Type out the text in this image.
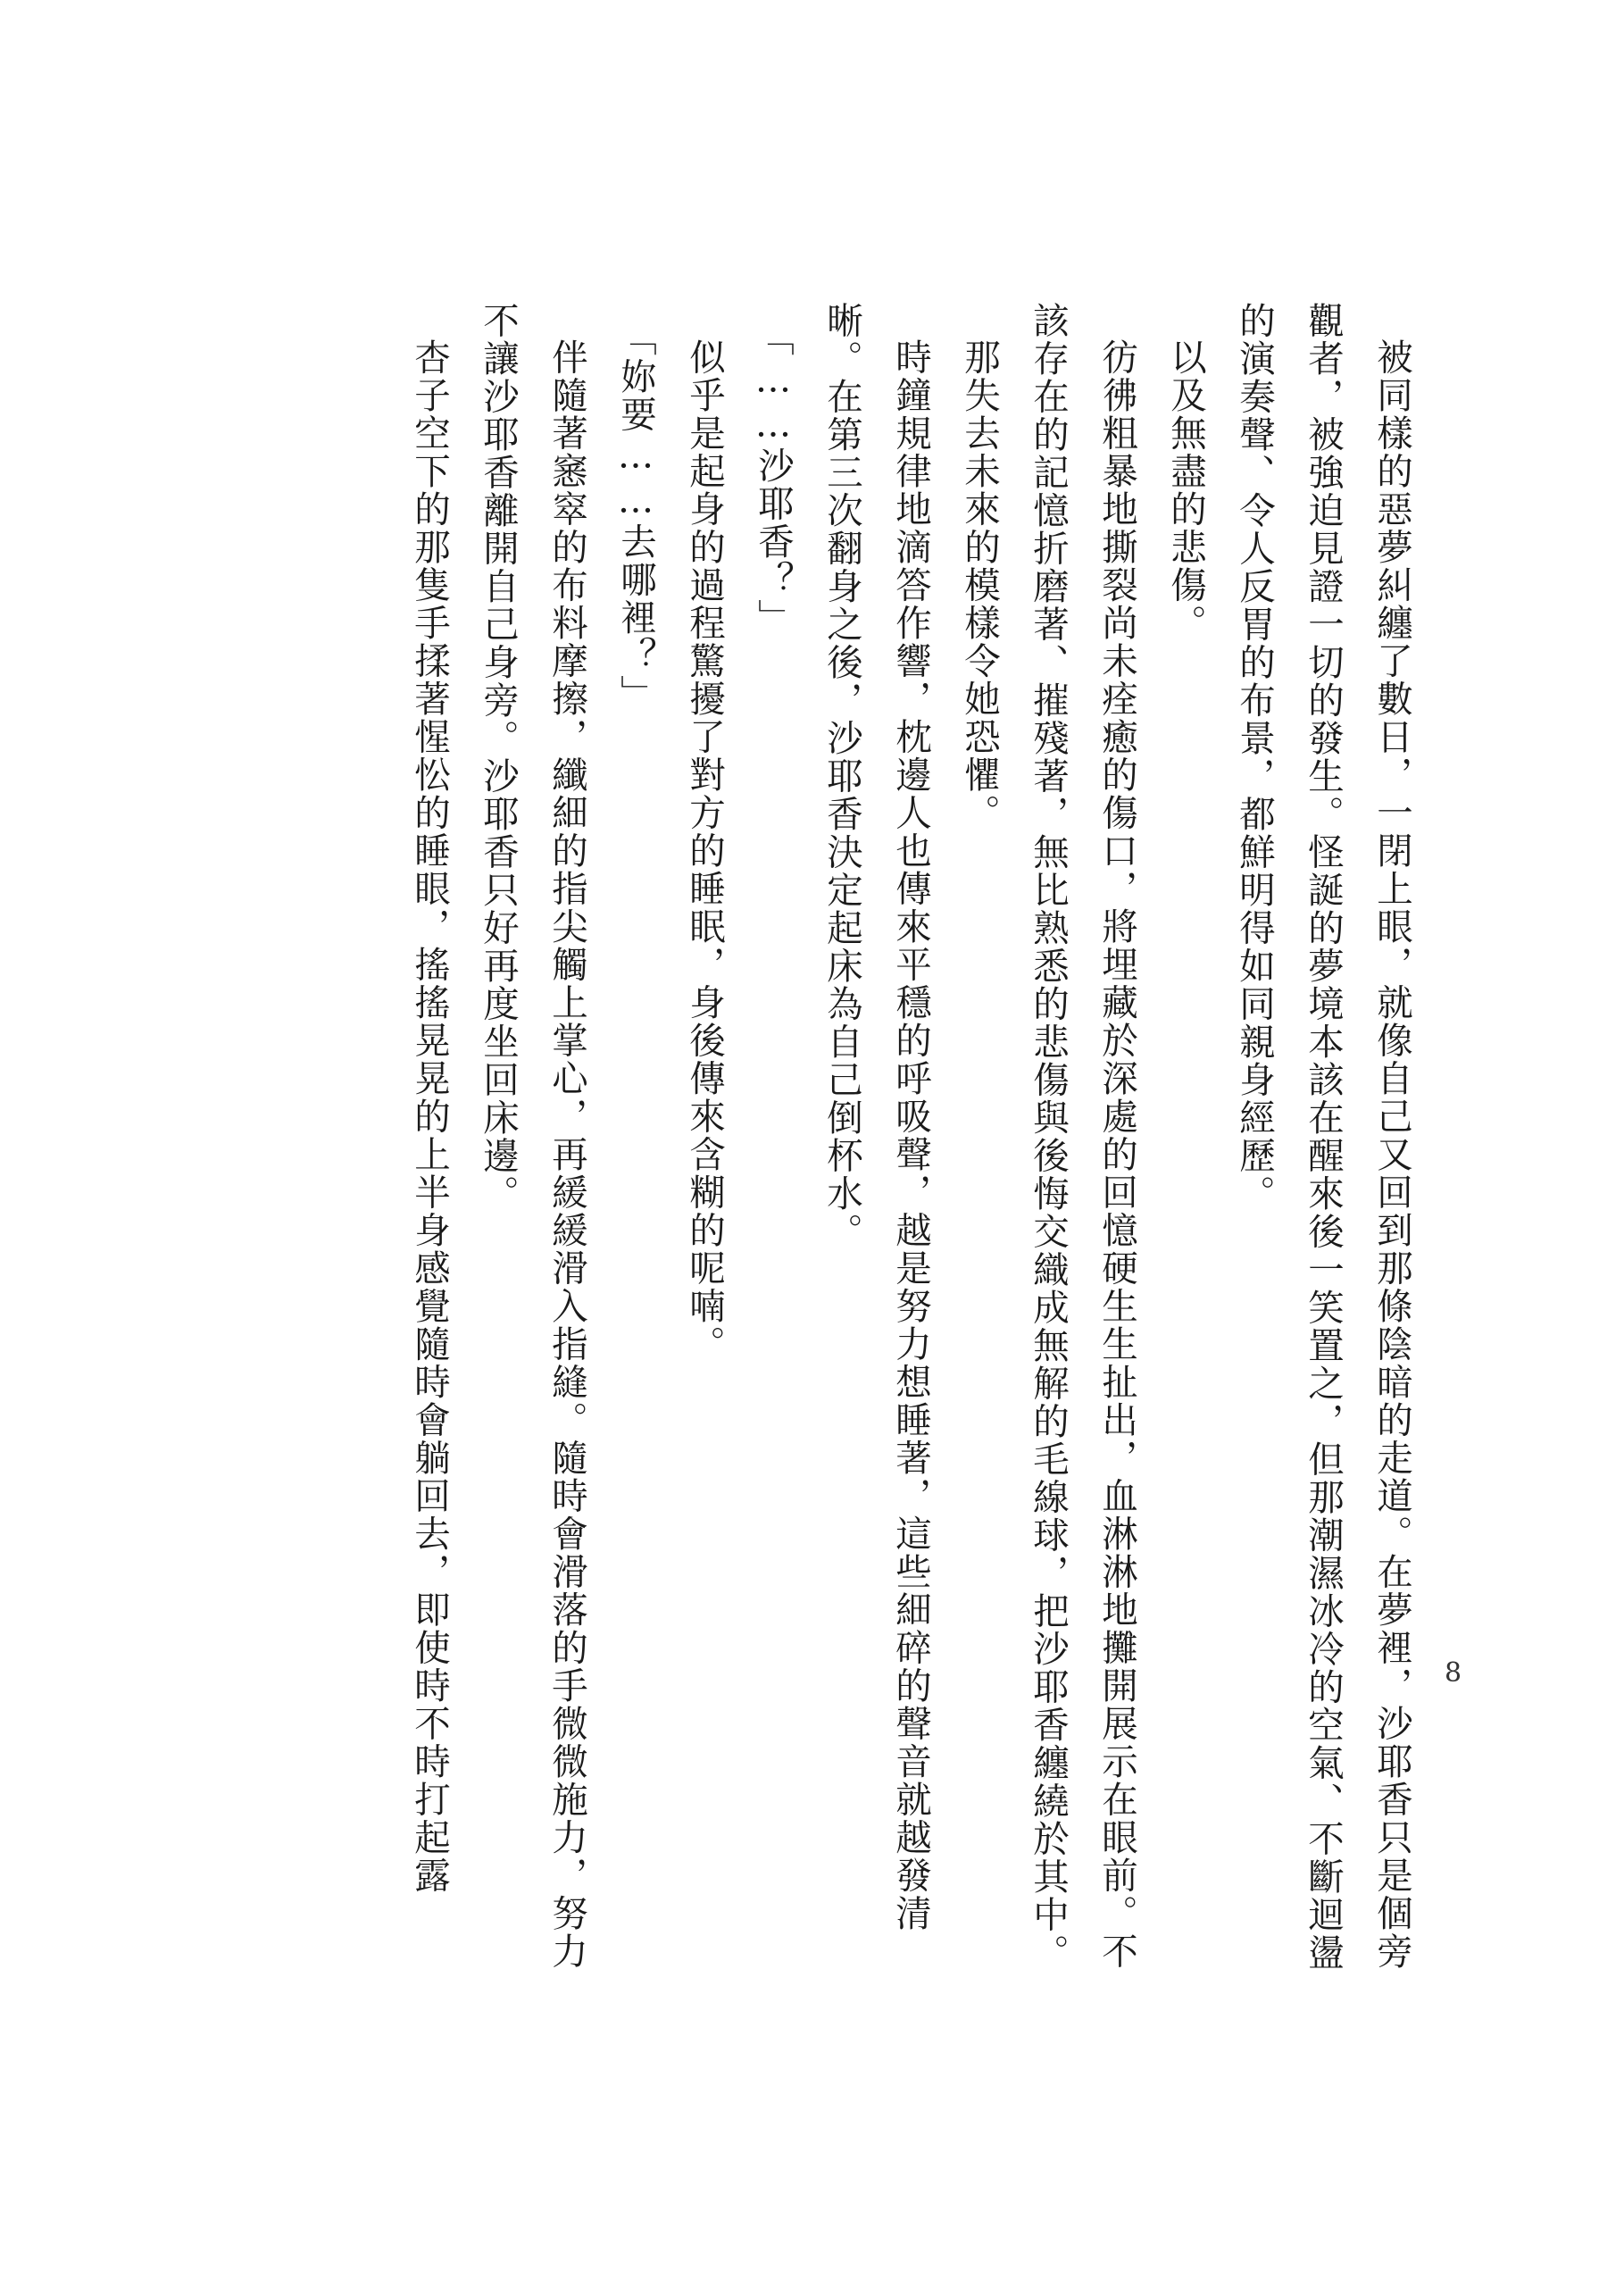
被同樣的惡夢糾纏了數日，一閉上眼，就像自己又回到那條陰暗的走道。在夢裡，沙耶香只是個旁觀者，被強迫見證一切的發生。怪誕的夢境本該在醒來後一笑置之，但那潮濕冰冷的空氣、不斷迴盪的演奏聲、令人反胃的布景，都鮮明得如同親身經歷。

以及無盡的悲傷。

彷彿粗暴地撕裂尚未痊癒的傷口，將埋藏於深處的回憶硬生生扯出，血淋淋地攤開展示在眼前。不該存在的記憶折磨著、摧殘著，無比熟悉的悲傷與後悔交織成無解的毛線球，把沙耶香纏繞於其中。

那失去未來的模樣令她恐懼。

時鐘規律地滴答作響，枕邊人也傳來平穩的呼吸聲，越是努力想睡著，這些細碎的聲音就越發清晰。在第三次翻身之後，沙耶香決定起床為自己倒杯水。

「……沙耶香？」

似乎是起身的過程驚擾了對方的睡眠，身後傳來含糊的呢喃。

「妳要……去哪裡？」

伴隨著窸窣的布料摩擦，纖細的指尖觸上掌心，再緩緩滑入指縫。隨時會滑落的手微微施力，努力不讓沙耶香離開自己身旁。沙耶香只好再度坐回床邊。

杏子空下的那隻手揉著惺忪的睡眼，搖搖晃晃的上半身感覺隨時會躺回去，即使時不時打起露	8
